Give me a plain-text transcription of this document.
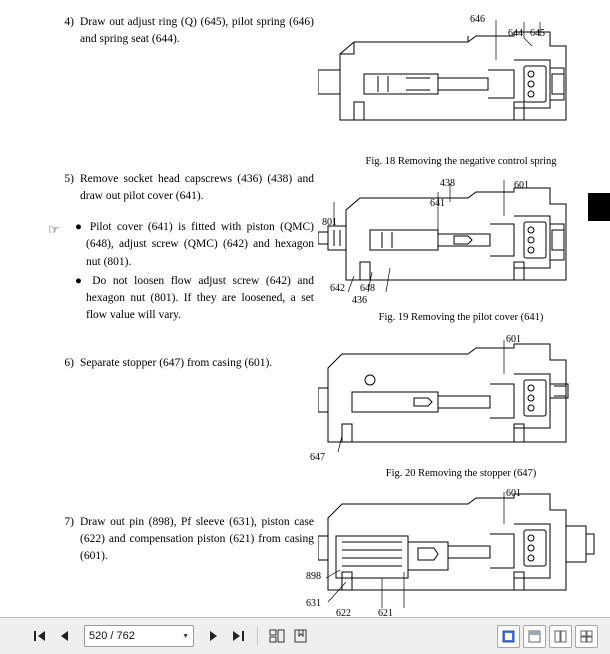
4) Draw out adjust ring (Q) (645), pilot spring (646) and spring seat (644).
5) Remove socket head capscrews (436) (438) and draw out pilot cover (641).
☞ ● Pilot cover (641) is fitted with piston (QMC) (648), adjust screw (QMC) (642) and hexagon nut (801).

● Do not loosen flow adjust screw (642) and hexagon nut (801). If they are loosened, a set flow value will vary.

6) Separate stopper (647) from casing (601).
7) Draw out pin (898), Pf sleeve (631), piston case (622) and compensation piston (621) from casing (601).
646
644 645
Fig. 18 Removing the negative control spring
438	601
641
801
642 648
436
Fig. 19 Removing the pilot cover (641)
601
647
Fig. 20 Removing the stopper (647)
601
898
631
622	621
520 / 762	▼
